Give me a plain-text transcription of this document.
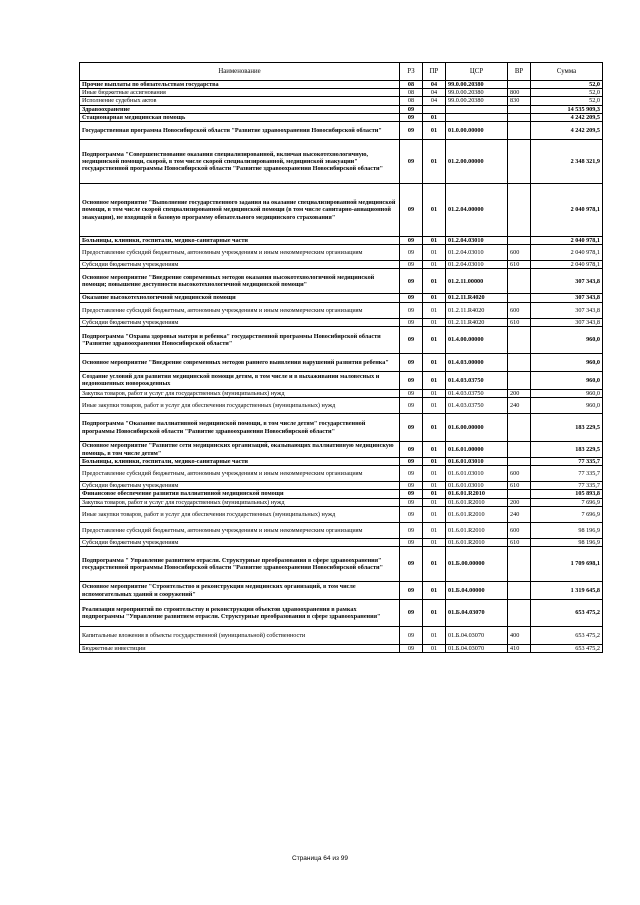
Наименование	РЗ	ПР	ЦСР	ВР	Сумма
Прочие выплаты по обязательствам государства	08	04	99.0.00.20380		52,0
Иные бюджетные ассигнования	08	04	99.0.00.20380	800	52,0
Исполнение судебных актов	08	04	99.0.00.20380	830	52,0
Здравоохранение	09				14 535 909,3
Стационарная медицинская помощь	09	01			4 242 209,5
Государственная программа Новосибирской области "Развитие здравоохранения Новосибирской области"	09	01	01.0.00.00000		4 242 209,5
Подпрограмма "Совершенствование оказания специализированной, включая высокотехнологичную, медицинской помощи, скорой, в том числе скорой специализированной, медицинской эвакуации" государственной программы Новосибирской области "Развитие здравоохранения Новосибирской области"	09	01	01.2.00.00000		2 348 321,9
Основное мероприятие "Выполнение государственного задания на оказание специализированной медицинской помощи, в том числе скорой специализированной медицинской помощи (в том числе санитарно-авиационной эвакуации), не входящей в базовую программу обязательного медицинского страхования"	09	01	01.2.04.00000		2 040 978,1
Больницы, клиники, госпитали, медико-санитарные части	09	01	01.2.04.03010		2 040 978,1
Предоставление субсидий бюджетным, автономным учреждениям и иным некоммерческим организациям	09	01	01.2.04.03010	600	2 040 978,1
Субсидии бюджетным учреждениям	09	01	01.2.04.03010	610	2 040 978,1
Основное мероприятие "Внедрение современных методов оказания высокотехнологичной медицинской помощи; повышение доступности высокотехнологичной медицинской помощи"	09	01	01.2.11.00000		307 343,8
Оказание высокотехнологичной медицинской помощи	09	01	01.2.11.R4020		307 343,8
Предоставление субсидий бюджетным, автономным учреждениям и иным некоммерческим организациям	09	01	01.2.11.R4020	600	307 343,8
Субсидии бюджетным учреждениям	09	01	01.2.11.R4020	610	307 343,8
Подпрограмма "Охрана здоровья матери и ребенка" государственной программы Новосибирской области "Развитие здравоохранения Новосибирской области"	09	01	01.4.00.00000		960,0
Основное мероприятие "Внедрение современных методов раннего выявления нарушений развития ребенка"	09	01	01.4.03.00000		960,0
Создание условий для развития медицинской помощи детям, в том числе и в выхаживании маловесных и недоношенных новорожденных	09	01	01.4.03.03750		960,0
Закупка товаров, работ и услуг для государственных (муниципальных) нужд	09	01	01.4.03.03750	200	960,0
Иные закупки товаров, работ и услуг для обеспечения государственных (муниципальных) нужд	09	01	01.4.03.03750	240	960,0
Подпрограмма "Оказание паллиативной медицинской помощи, в том числе детям" государственной программы Новосибирской области "Развитие здравоохранения Новосибирской области"	09	01	01.6.00.00000		183 229,5
Основное мероприятие "Развитие сети медицинских организаций, оказывающих паллиативную медицинскую помощь, в том числе детям"	09	01	01.6.01.00000		183 229,5
Больницы, клиники, госпитали, медико-санитарные части	09	01	01.6.01.03010		77 335,7
Предоставление субсидий бюджетным, автономным учреждениям и иным некоммерческим организациям	09	01	01.6.01.03010	600	77 335,7
Субсидии бюджетным учреждениям	09	01	01.6.01.03010	610	77 335,7
Финансовое обеспечение развития паллиативной медицинской помощи	09	01	01.6.01.R2010		105 893,8
Закупка товаров, работ и услуг для государственных (муниципальных) нужд	09	01	01.6.01.R2010	200	7 696,9
Иные закупки товаров, работ и услуг для обеспечения государственных (муниципальных) нужд	09	01	01.6.01.R2010	240	7 696,9
Предоставление субсидий бюджетным, автономным учреждениям и иным некоммерческим организациям	09	01	01.6.01.R2010	600	98 196,9
Субсидии бюджетным учреждениям	09	01	01.6.01.R2010	610	98 196,9
Подпрограмма " Управление развитием отрасли. Структурные преобразования в сфере здравоохранения" государственной программы Новосибирской области "Развитие здравоохранения Новосибирской области"	09	01	01.Б.00.00000		1 709 698,1
Основное мероприятие "Строительство и реконструкция медицинских организаций, в том числе вспомогательных зданий и сооружений"	09	01	01.Б.04.00000		1 319 645,8
Реализация мероприятий по строительству и реконструкции объектов здравоохранения в рамках подпрограммы "Управление развитием отрасли. Структурные преобразования в сфере здравоохранения"	09	01	01.Б.04.03070		653 475,2
Капитальные вложения в объекты государственной (муниципальной) собственности	09	01	01.Б.04.03070	400	653 475,2
Бюджетные инвестиции	09	01	01.Б.04.03070	410	653 475,2
Страница 64 из 99
